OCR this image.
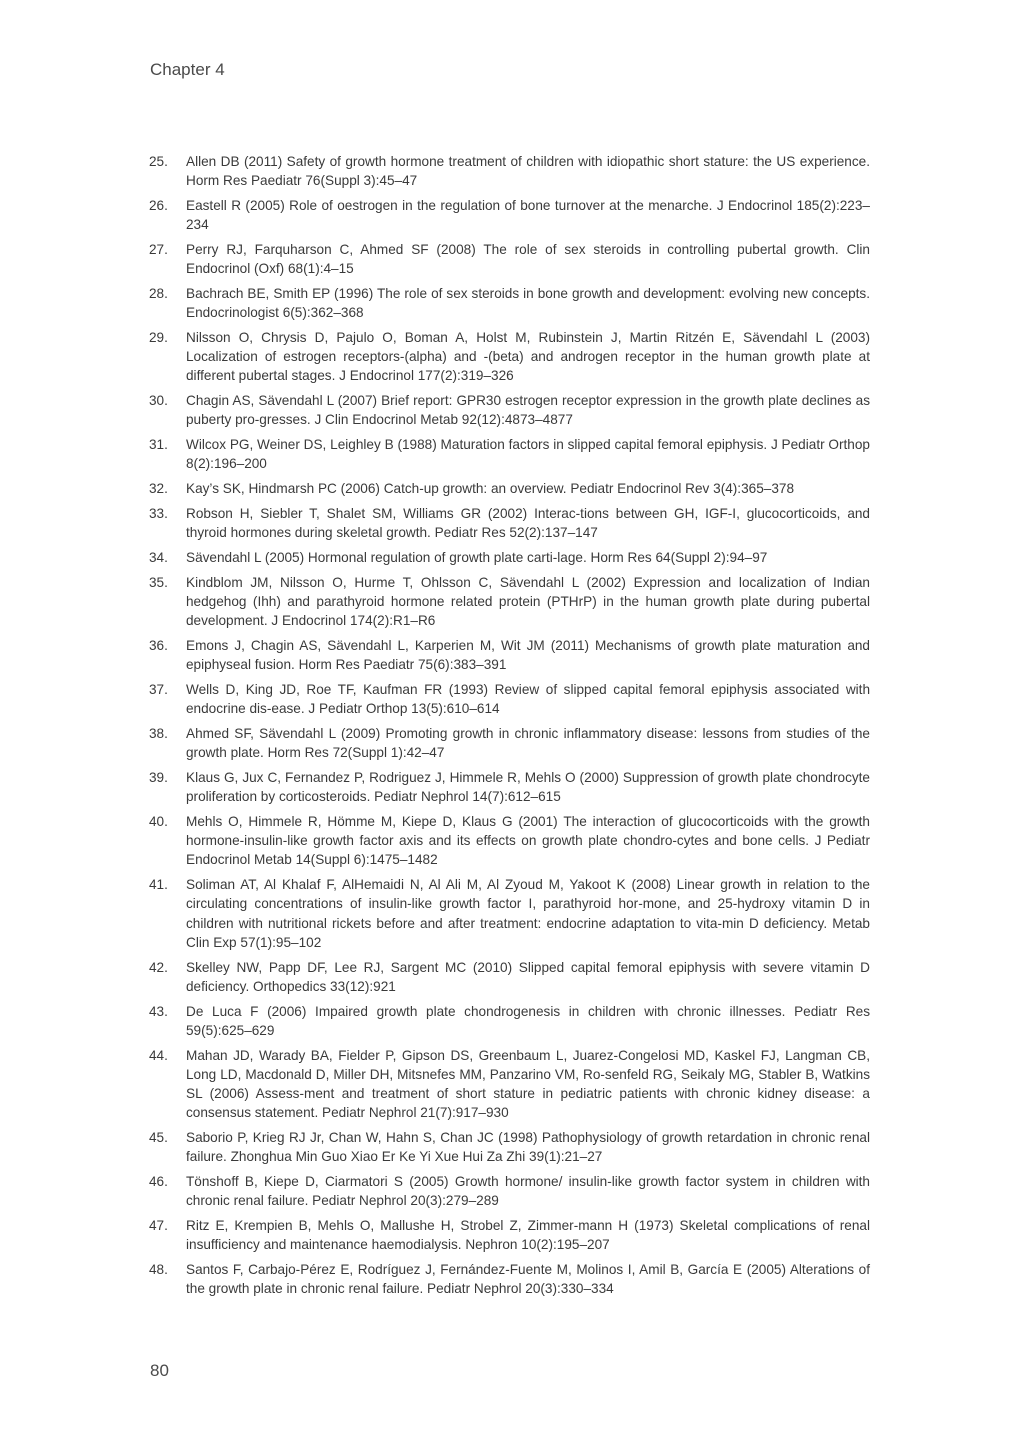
Chapter 4
25.	Allen DB (2011) Safety of growth hormone treatment of children with idiopathic short stature: the US experience. Horm Res Paediatr 76(Suppl 3):45–47
26.	Eastell R (2005) Role of oestrogen in the regulation of bone turnover at the menarche. J Endocrinol 185(2):223–234
27.	Perry RJ, Farquharson C, Ahmed SF (2008) The role of sex steroids in controlling pubertal growth. Clin Endocrinol (Oxf) 68(1):4–15
28.	Bachrach BE, Smith EP (1996) The role of sex steroids in bone growth and development: evolving new concepts. Endocrinologist 6(5):362–368
29.	Nilsson O, Chrysis D, Pajulo O, Boman A, Holst M, Rubinstein J, Martin Ritzén E, Sävendahl L (2003) Localization of estrogen receptors-(alpha) and -(beta) and androgen receptor in the human growth plate at different pubertal stages. J Endocrinol 177(2):319–326
30.	Chagin AS, Sävendahl L (2007) Brief report: GPR30 estrogen receptor expression in the growth plate declines as puberty pro-gresses. J Clin Endocrinol Metab 92(12):4873–4877
31.	Wilcox PG, Weiner DS, Leighley B (1988) Maturation factors in slipped capital femoral epiphysis. J Pediatr Orthop 8(2):196–200
32.	Kay’s SK, Hindmarsh PC (2006) Catch-up growth: an overview. Pediatr Endocrinol Rev 3(4):365–378
33.	Robson H, Siebler T, Shalet SM, Williams GR (2002) Interac-tions between GH, IGF-I, glucocorticoids, and thyroid hormones during skeletal growth. Pediatr Res 52(2):137–147
34.	Sävendahl L (2005) Hormonal regulation of growth plate carti-lage. Horm Res 64(Suppl 2):94–97
35.	Kindblom JM, Nilsson O, Hurme T, Ohlsson C, Sävendahl L (2002) Expression and localization of Indian hedgehog (Ihh) and parathyroid hormone related protein (PTHrP) in the human growth plate during pubertal development. J Endocrinol 174(2):R1–R6
36.	Emons J, Chagin AS, Sävendahl L, Karperien M, Wit JM (2011) Mechanisms of growth plate maturation and epiphyseal fusion. Horm Res Paediatr 75(6):383–391
37.	Wells D, King JD, Roe TF, Kaufman FR (1993) Review of slipped capital femoral epiphysis associated with endocrine dis-ease. J Pediatr Orthop 13(5):610–614
38.	Ahmed SF, Sävendahl L (2009) Promoting growth in chronic inflammatory disease: lessons from studies of the growth plate. Horm Res 72(Suppl 1):42–47
39.	Klaus G, Jux C, Fernandez P, Rodriguez J, Himmele R, Mehls O (2000) Suppression of growth plate chondrocyte proliferation by corticosteroids. Pediatr Nephrol 14(7):612–615
40.	Mehls O, Himmele R, Hömme M, Kiepe D, Klaus G (2001) The interaction of glucocorticoids with the growth hormone-insulin-like growth factor axis and its effects on growth plate chondro-cytes and bone cells. J Pediatr Endocrinol Metab 14(Suppl 6):1475–1482
41.	Soliman AT, Al Khalaf F, AlHemaidi N, Al Ali M, Al Zyoud M, Yakoot K (2008) Linear growth in relation to the circulating concentrations of insulin-like growth factor I, parathyroid hor-mone, and 25-hydroxy vitamin D in children with nutritional rickets before and after treatment: endocrine adaptation to vita-min D deficiency. Metab Clin Exp 57(1):95–102
42.	Skelley NW, Papp DF, Lee RJ, Sargent MC (2010) Slipped capital femoral epiphysis with severe vitamin D deficiency. Orthopedics 33(12):921
43.	De Luca F (2006) Impaired growth plate chondrogenesis in children with chronic illnesses. Pediatr Res 59(5):625–629
44.	Mahan JD, Warady BA, Fielder P, Gipson DS, Greenbaum L, Juarez-Congelosi MD, Kaskel FJ, Langman CB, Long LD, Macdonald D, Miller DH, Mitsnefes MM, Panzarino VM, Ro-senfeld RG, Seikaly MG, Stabler B, Watkins SL (2006) Assess-ment and treatment of short stature in pediatric patients with chronic kidney disease: a consensus statement. Pediatr Nephrol 21(7):917–930
45.	Saborio P, Krieg RJ Jr, Chan W, Hahn S, Chan JC (1998) Pathophysiology of growth retardation in chronic renal failure. Zhonghua Min Guo Xiao Er Ke Yi Xue Hui Za Zhi 39(1):21–27
46.	Tönshoff B, Kiepe D, Ciarmatori S (2005) Growth hormone/ insulin-like growth factor system in children with chronic renal failure. Pediatr Nephrol 20(3):279–289
47.	Ritz E, Krempien B, Mehls O, Mallushe H, Strobel Z, Zimmer-mann H (1973) Skeletal complications of renal insufficiency and maintenance haemodialysis. Nephron 10(2):195–207
48.	Santos F, Carbajo-Pérez E, Rodríguez J, Fernández-Fuente M, Molinos I, Amil B, García E (2005) Alterations of the growth plate in chronic renal failure. Pediatr Nephrol 20(3):330–334
80
